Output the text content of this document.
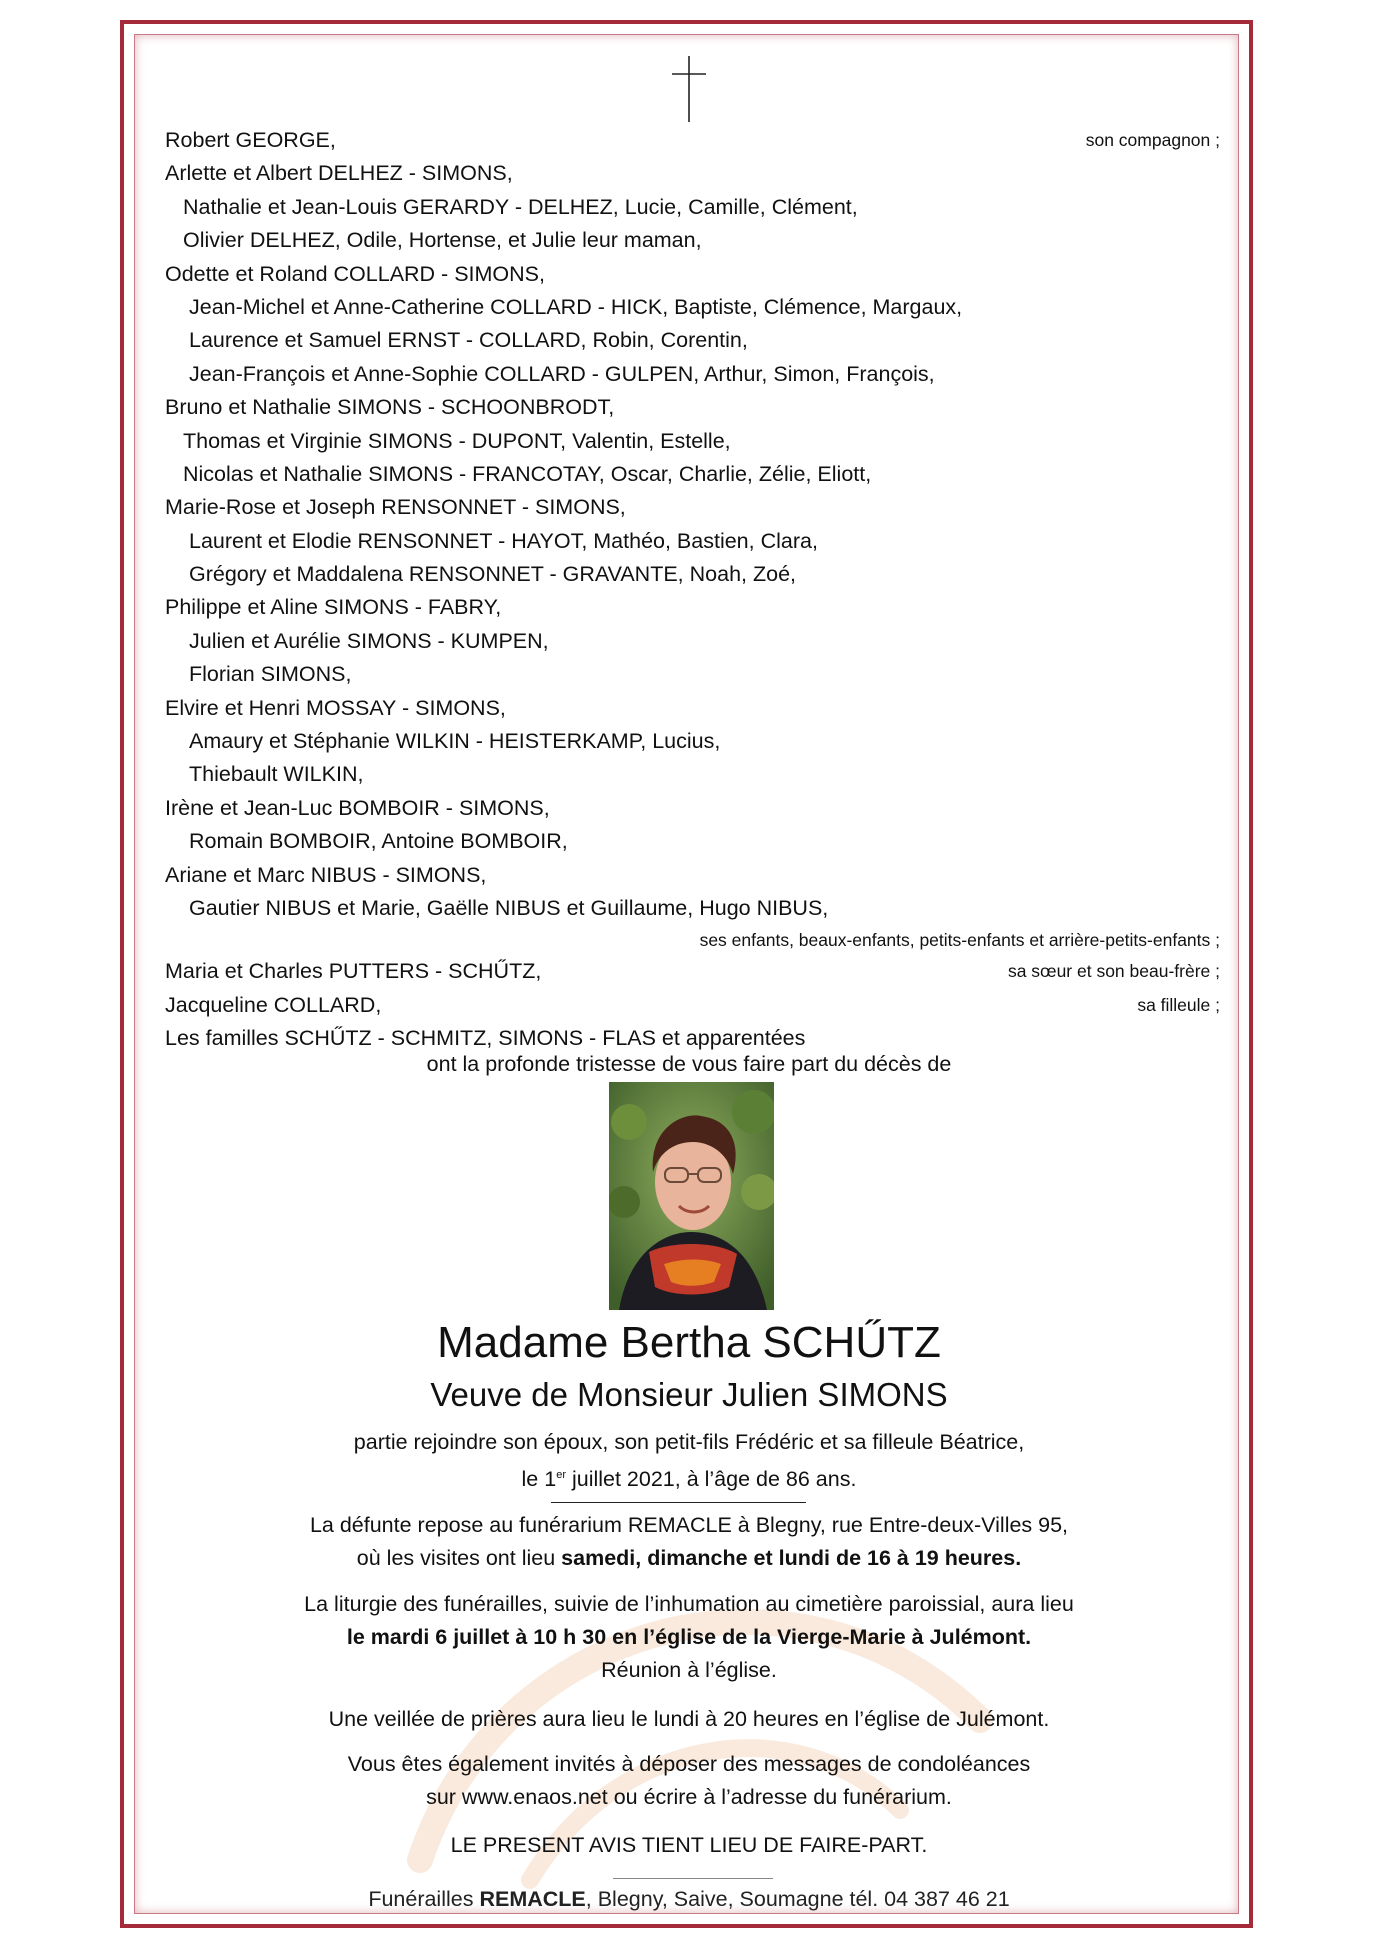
Robert GEORGE,	son compagnon ;
Arlette et Albert DELHEZ - SIMONS,
Nathalie et Jean-Louis GERARDY - DELHEZ, Lucie, Camille, Clément,
Olivier DELHEZ, Odile, Hortense, et Julie leur maman,
Odette et Roland COLLARD - SIMONS,
Jean-Michel et Anne-Catherine COLLARD - HICK, Baptiste, Clémence, Margaux,
Laurence et Samuel ERNST - COLLARD, Robin, Corentin,
Jean-François et Anne-Sophie COLLARD - GULPEN, Arthur, Simon, François,
Bruno et Nathalie SIMONS - SCHOONBRODT,
Thomas et Virginie SIMONS - DUPONT, Valentin, Estelle,
Nicolas et Nathalie SIMONS - FRANCOTAY, Oscar, Charlie, Zélie, Eliott,
Marie-Rose et Joseph RENSONNET - SIMONS,
Laurent et Elodie RENSONNET - HAYOT, Mathéo, Bastien, Clara,
Grégory et Maddalena RENSONNET - GRAVANTE, Noah, Zoé,
Philippe et Aline SIMONS - FABRY,
Julien et Aurélie SIMONS - KUMPEN,
Florian SIMONS,
Elvire et Henri MOSSAY - SIMONS,
Amaury et Stéphanie WILKIN - HEISTERKAMP, Lucius,
Thiebault WILKIN,
Irène et Jean-Luc BOMBOIR - SIMONS,
Romain BOMBOIR, Antoine BOMBOIR,
Ariane et Marc NIBUS - SIMONS,
Gautier NIBUS et Marie, Gaëlle NIBUS et Guillaume, Hugo NIBUS,
ses enfants, beaux-enfants, petits-enfants et arrière-petits-enfants ;
Maria et Charles PUTTERS - SCHŰTZ,	sa sœur et son beau-frère ;
Jacqueline COLLARD,	sa filleule ;
Les familles SCHŰTZ - SCHMITZ, SIMONS - FLAS et apparentées
ont la profonde tristesse de vous faire part du décès de
Madame Bertha SCHŰTZ
Veuve de Monsieur Julien SIMONS
partie rejoindre son époux, son petit-fils Frédéric et sa filleule Béatrice,
le 1er juillet 2021, à l’âge de 86 ans.
La défunte repose au funérarium REMACLE à Blegny, rue Entre-deux-Villes 95,
où les visites ont lieu samedi, dimanche et lundi de 16 à 19 heures.
La liturgie des funérailles, suivie de l’inhumation au cimetière paroissial, aura lieu
le mardi 6 juillet à 10 h 30 en l’église de la Vierge-Marie à Julémont.
Réunion à l’église.
Une veillée de prières aura lieu le lundi à 20 heures en l’église de Julémont.
Vous êtes également invités à déposer des messages de condoléances
sur www.enaos.net ou écrire à l’adresse du funérarium.
LE PRESENT AVIS TIENT LIEU DE FAIRE-PART.
Funérailles REMACLE, Blegny, Saive, Soumagne tél. 04 387 46 21
